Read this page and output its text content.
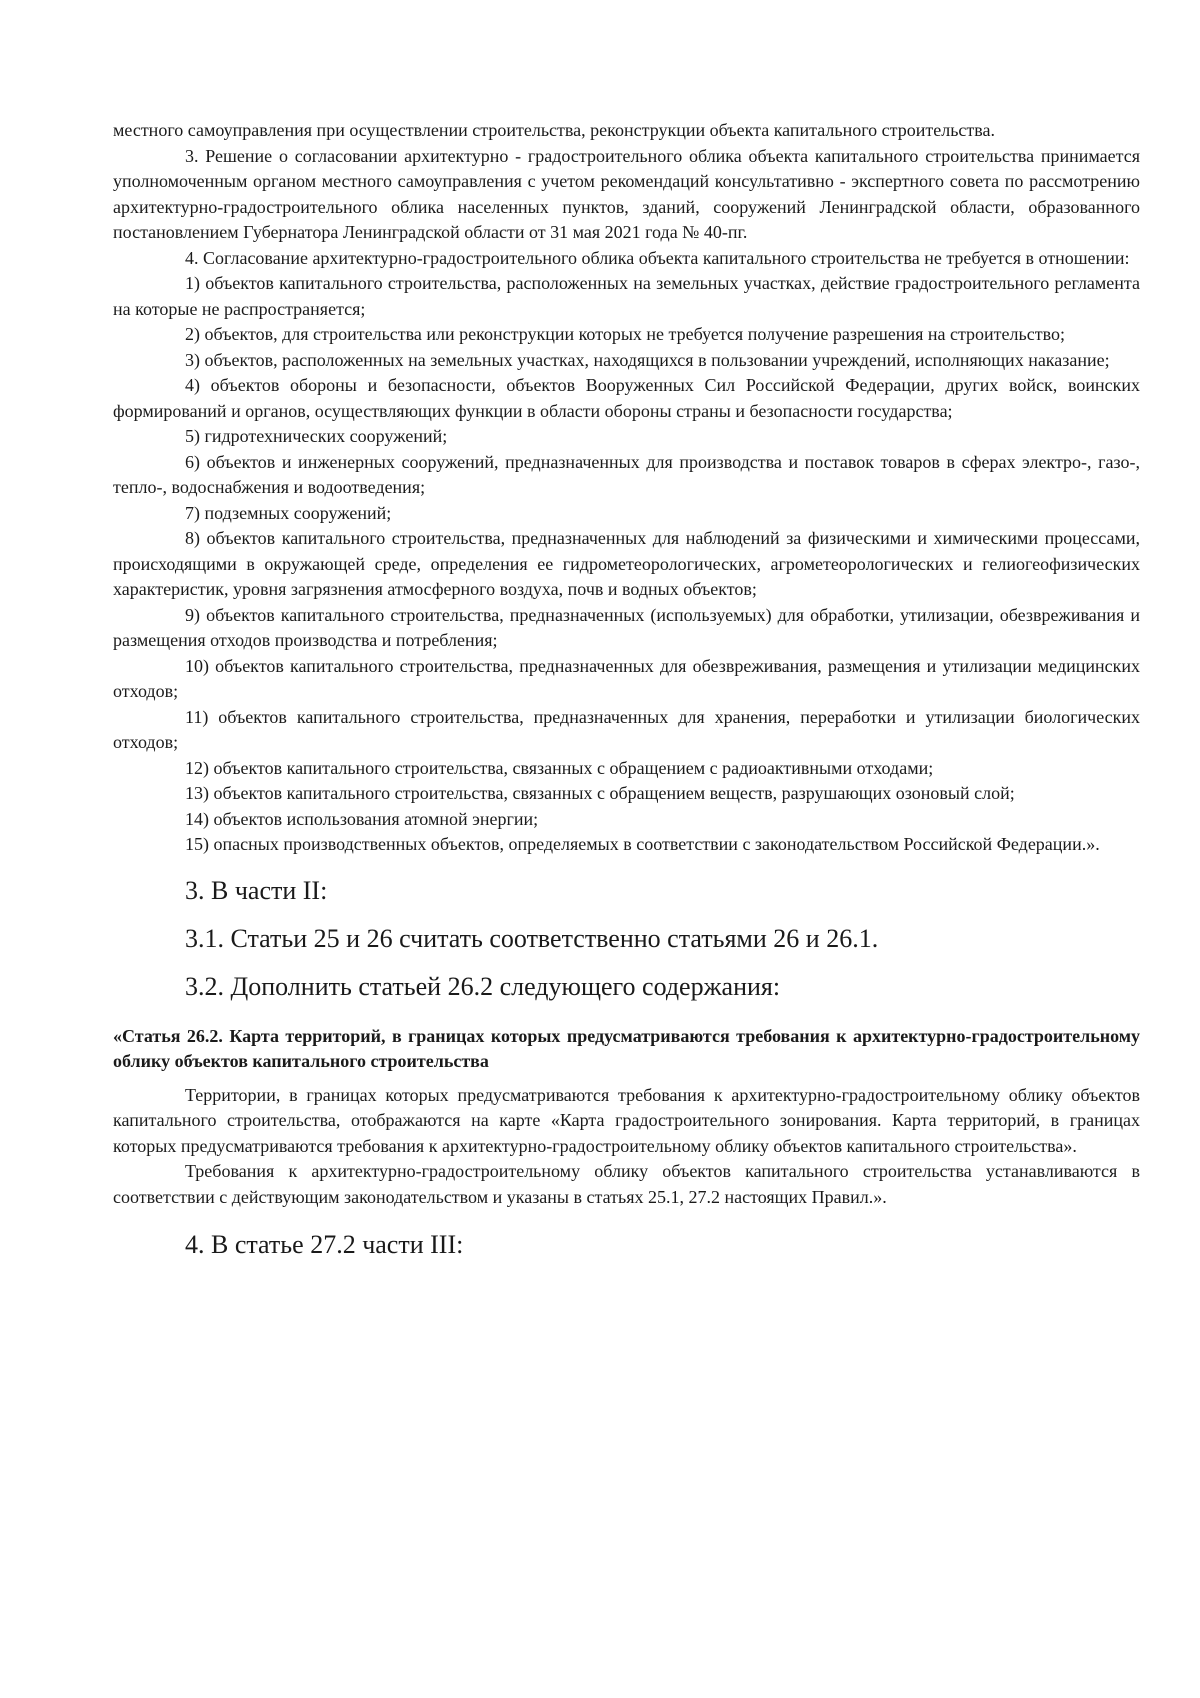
местного самоуправления при осуществлении строительства, реконструкции объекта капитального строительства.

3. Решение о согласовании архитектурно - градостроительного облика объекта капитального строительства принимается уполномоченным органом местного самоуправления с учетом рекомендаций консультативно - экспертного совета по рассмотрению архитектурно-градостроительного облика населенных пунктов, зданий, сооружений Ленинградской области, образованного постановлением Губернатора Ленинградской области от 31 мая 2021 года № 40-пг.

4. Согласование архитектурно-градостроительного облика объекта капитального строительства не требуется в отношении:

1) объектов капитального строительства, расположенных на земельных участках, действие градостроительного регламента на которые не распространяется;

2) объектов, для строительства или реконструкции которых не требуется получение разрешения на строительство;

3) объектов, расположенных на земельных участках, находящихся в пользовании учреждений, исполняющих наказание;

4) объектов обороны и безопасности, объектов Вооруженных Сил Российской Федерации, других войск, воинских формирований и органов, осуществляющих функции в области обороны страны и безопасности государства;

5) гидротехнических сооружений;

6) объектов и инженерных сооружений, предназначенных для производства и поставок товаров в сферах электро-, газо-, тепло-, водоснабжения и водоотведения;

7) подземных сооружений;

8) объектов капитального строительства, предназначенных для наблюдений за физическими и химическими процессами, происходящими в окружающей среде, определения ее гидрометеорологических, агрометеорологических и гелиогеофизических характеристик, уровня загрязнения атмосферного воздуха, почв и водных объектов;

9) объектов капитального строительства, предназначенных (используемых) для обработки, утилизации, обезвреживания и размещения отходов производства и потребления;

10) объектов капитального строительства, предназначенных для обезвреживания, размещения и утилизации медицинских отходов;

11) объектов капитального строительства, предназначенных для хранения, переработки и утилизации биологических отходов;

12) объектов капитального строительства, связанных с обращением с радиоактивными отходами;

13) объектов капитального строительства, связанных с обращением веществ, разрушающих озоновый слой;

14) объектов использования атомной энергии;

15) опасных производственных объектов, определяемых в соответствии с законодательством Российской Федерации.».

3. В части II:

3.1. Статьи 25 и 26 считать соответственно статьями 26 и 26.1.

3.2. Дополнить статьей 26.2 следующего содержания:

«Статья 26.2. Карта территорий, в границах которых предусматриваются требования к архитектурно-градостроительному облику объектов капитального строительства

Территории, в границах которых предусматриваются требования к архитектурно-градостроительному облику объектов капитального строительства, отображаются на карте «Карта градостроительного зонирования. Карта территорий, в границах которых предусматриваются требования к архитектурно-градостроительному облику объектов капитального строительства».

Требования к архитектурно-градостроительному облику объектов капитального строительства устанавливаются в соответствии с действующим законодательством и указаны в статьях 25.1, 27.2 настоящих Правил.».

4. В статье 27.2 части III:
